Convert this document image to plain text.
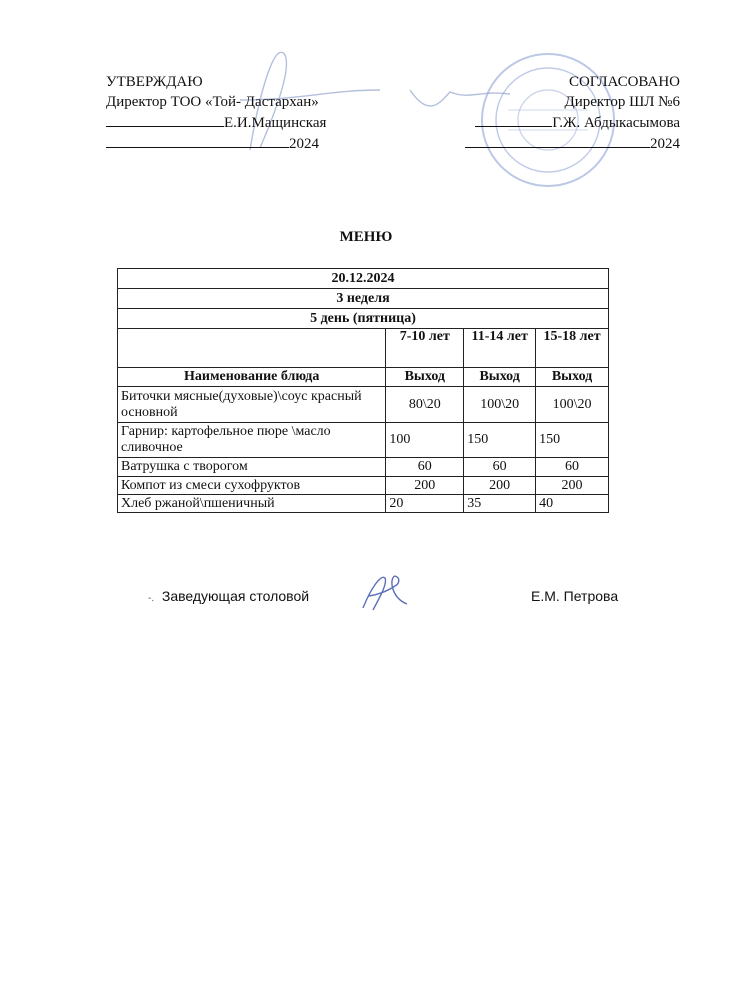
УТВЕРЖДАЮ
Директор ТОО «Той- Дастархан»
Е.И.Мащинская
2024
СОГЛАСОВАНО
Директор ШЛ №6
Г.Ж. Абдыкасымова
2024
МЕНЮ
20.12.2024			
3 неделя			
5 день (пятница)			
	7-10 лет	11-14 лет	15-18 лет
Наименование блюда	Выход	Выход	Выход
Биточки мясные(духовые)\соус красный основной	80\20	100\20	100\20
Гарнир: картофельное пюре \масло сливочное	100	150	150
Ватрушка с творогом	60	60	60
Компот из смеси сухофруктов	200	200	200
Хлеб ржаной\пшеничный	20	35	40
-. Заведующая столовой	Е.М. Петрова
